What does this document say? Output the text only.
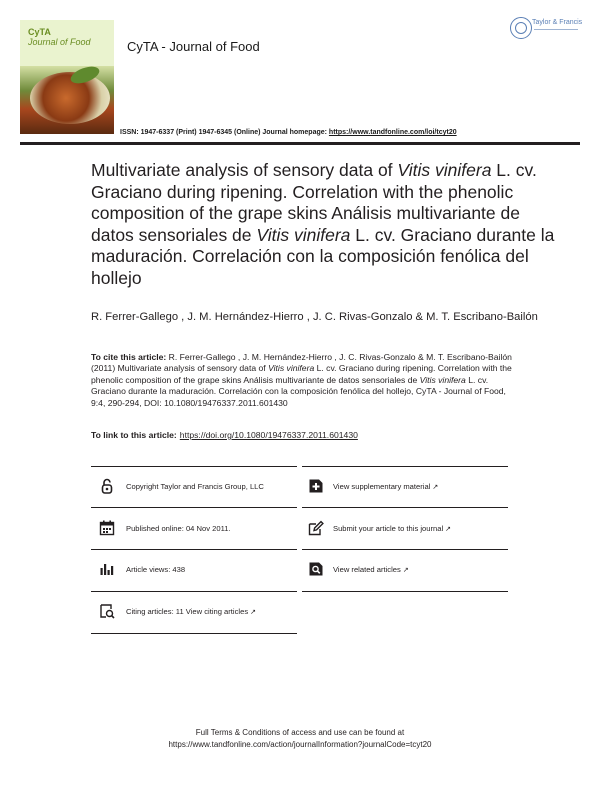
CyTA
Journal of Food	CyTA - Journal of Food
Taylor & Francis
ISSN: 1947-6337 (Print) 1947-6345 (Online) Journal homepage: https://www.tandfonline.com/loi/tcyt20
Multivariate analysis of sensory data of Vitis vinifera L. cv. Graciano during ripening. Correlation with the phenolic composition of the grape skins Análisis multivariante de datos sensoriales de Vitis vinifera L. cv. Graciano durante la maduración. Correlación con la composición fenólica del hollejo
R. Ferrer-Gallego , J. M. Hernández-Hierro , J. C. Rivas-Gonzalo & M. T. Escribano-Bailón
To cite this article: R. Ferrer-Gallego , J. M. Hernández-Hierro , J. C. Rivas-Gonzalo & M. T. Escribano-Bailón (2011) Multivariate analysis of sensory data of Vitis vinifera L. cv. Graciano during ripening. Correlation with the phenolic composition of the grape skins Análisis multivariante de datos sensoriales de Vitis vinifera L. cv. Graciano durante la maduración. Correlación con la composición fenólica del hollejo, CyTA - Journal of Food, 9:4, 290-294, DOI: 10.1080/19476337.2011.601430
To link to this article: https://doi.org/10.1080/19476337.2011.601430
Copyright Taylor and Francis Group, LLC
Published online: 04 Nov 2011.
Article views: 438
Citing articles: 11 View citing articles ↗
View supplementary material ↗
Submit your article to this journal ↗
View related articles ↗
Full Terms & Conditions of access and use can be found at
https://www.tandfonline.com/action/journalInformation?journalCode=tcyt20
